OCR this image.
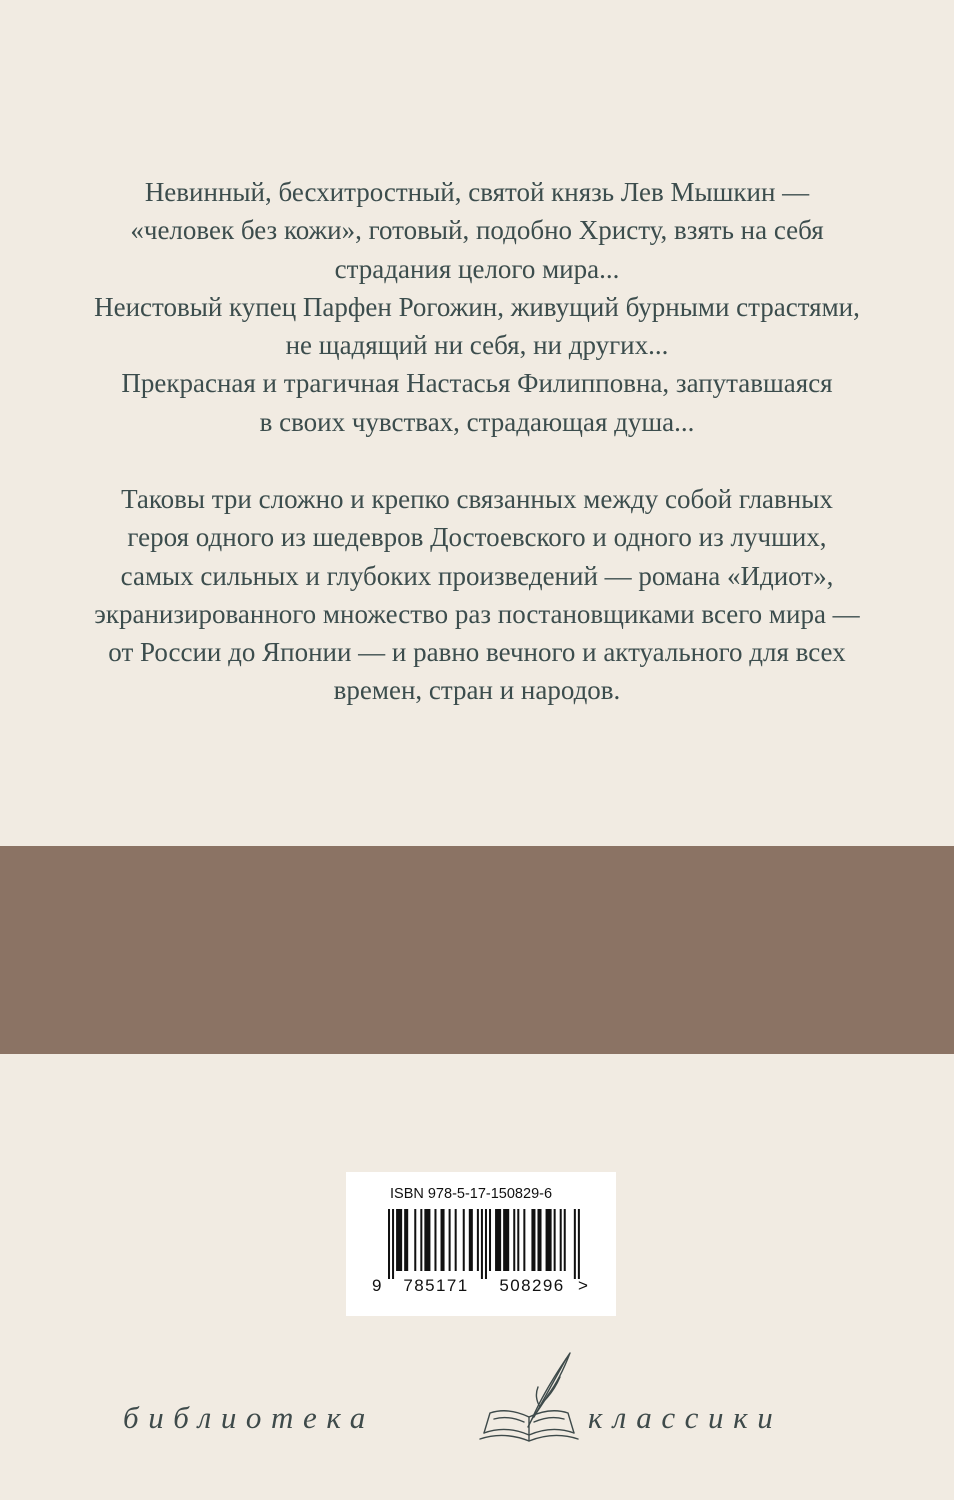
Невинный, бесхитростный, святой князь Лев Мышкин —
«человек без кожи», готовый, подобно Христу, взять на себя
страдания целого мира...
Неистовый купец Парфен Рогожин, живущий бурными страстями,
не щадящий ни себя, ни других...
Прекрасная и трагичная Настасья Филипповна, запутавшаяся
в своих чувствах, страдающая душа...
Таковы три сложно и крепко связанных между собой главных
героя одного из шедевров Достоевского и одного из лучших,
самых сильных и глубоких произведений — романа «Идиот»,
экранизированного множество раз постановщиками всего мира —
от России до Японии — и равно вечного и актуального для всех
времен, стран и народов.
ISBN 978-5-17-150829-6
9	785171	508296 >
библиотека	классики
